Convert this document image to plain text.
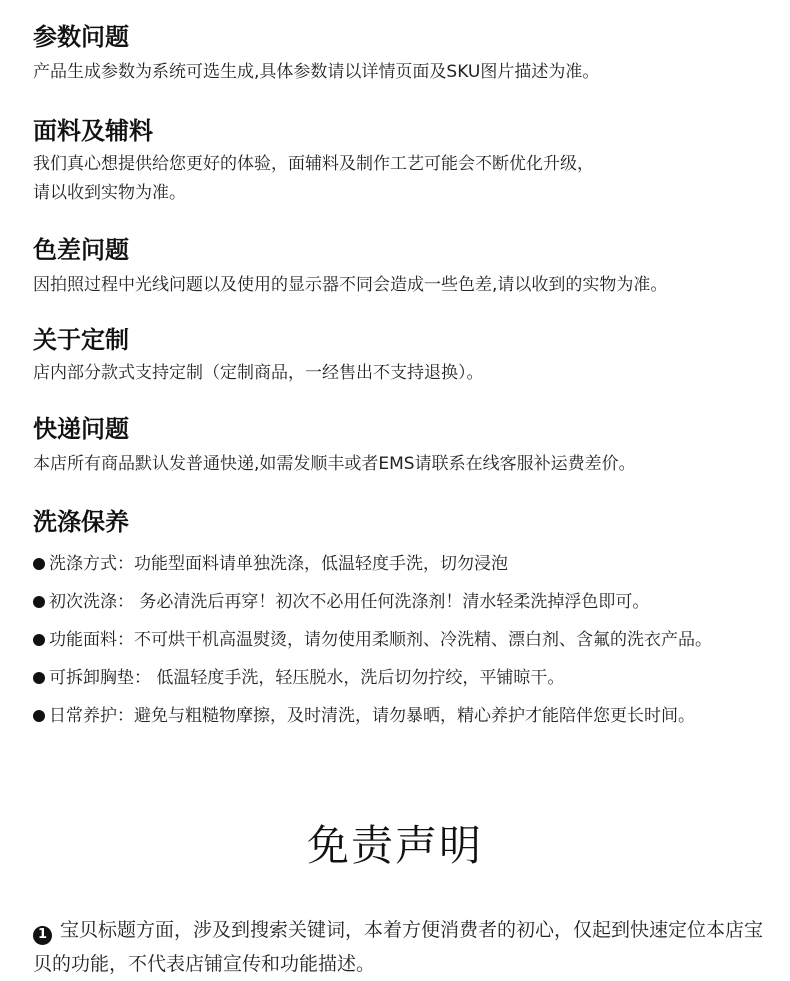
参数问题

产品生成参数为系统可选生成,具体参数请以详情页面及SKU图片描述为准。

面料及辅料

我们真心想提供给您更好的体验，面辅料及制作工艺可能会不断优化升级，

请以收到实物为准。

色差问题

因拍照过程中光线问题以及使用的显示器不同会造成一些色差,请以收到的实物为准。

关于定制

店内部分款式支持定制（定制商品，一经售出不支持退换）。

快递问题

本店所有商品默认发普通快递,如需发顺丰或者EMS请联系在线客服补运费差价。

洗涤保养
洗涤方式：功能型面料请单独洗涤，低温轻度手洗，切勿浸泡
初次洗涤： 务必清洗后再穿！初次不必用任何洗涤剂！清水轻柔洗掉浮色即可。
功能面料：不可烘干机高温熨烫，请勿使用柔顺剂、冷洗精、漂白剂、含氟的洗衣产品。
可拆卸胸垫： 低温轻度手洗，轻压脱水，洗后切勿拧绞，平铺晾干。
日常养护：避免与粗糙物摩擦，及时清洗，请勿暴晒，精心养护才能陪伴您更长时间。
免责声明

1 宝贝标题方面，涉及到搜索关键词，本着方便消费者的初心，仅起到快速定位本店宝贝的功能，不代表店铺宣传和功能描述。
